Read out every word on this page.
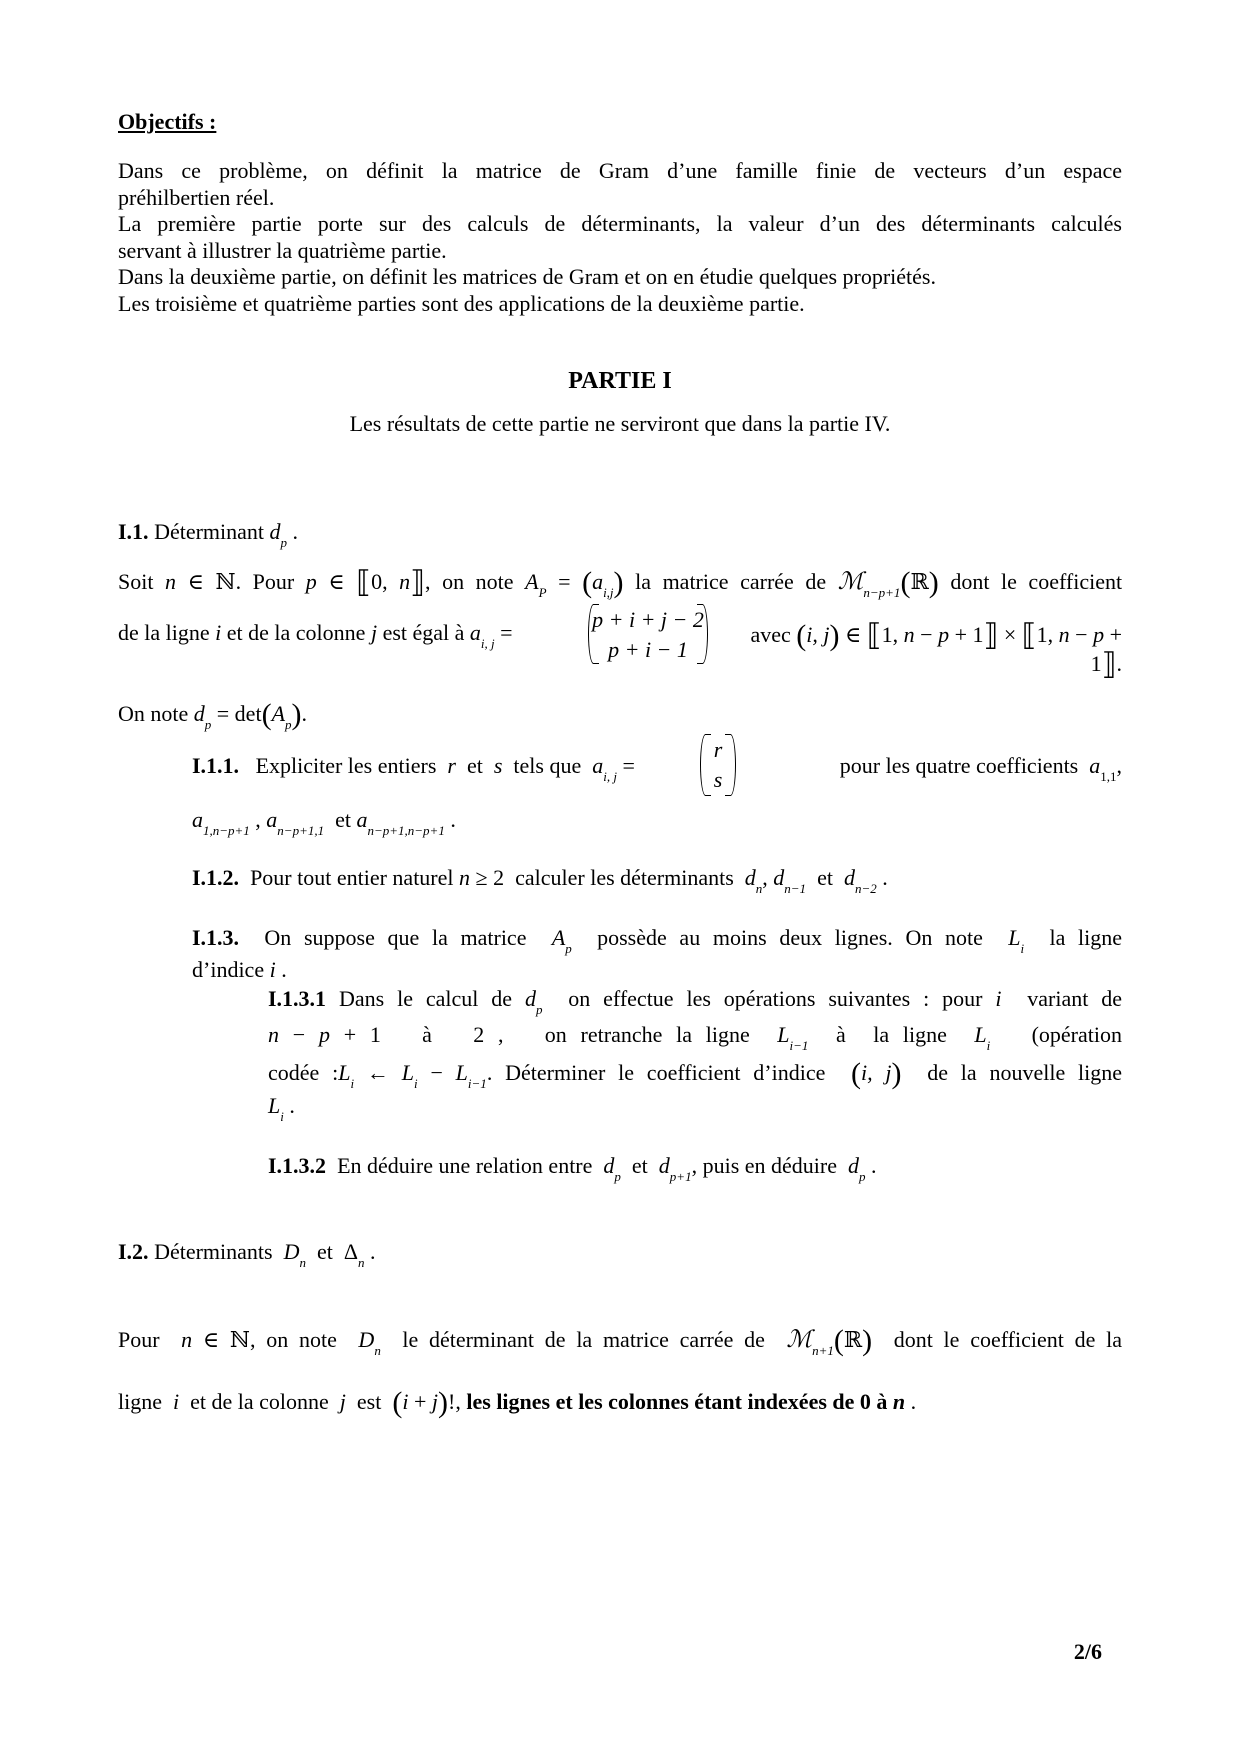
Objectifs :
Dans ce problème, on définit la matrice de Gram d’une famille finie de vecteurs d’un espace
préhilbertien réel.
La première partie porte sur des calculs de déterminants, la valeur d’un des déterminants calculés
servant à illustrer la quatrième partie.
Dans la deuxième partie, on définit les matrices de Gram et on en étudie quelques propriétés.
Les troisième et quatrième parties sont des applications de la deuxième partie.
PARTIE I
Les résultats de cette partie ne serviront que dans la partie IV.
I.1. Déterminant $d_p$ .
Soit n ∈ ℕ. Pour p ∈ ⟦0, n⟧, on note $A_P = (a_{i,j})$ la matrice carrée de ℳ$_{n-p+1}$(ℝ) dont le coefficient
de la ligne i et de la colonne j est égal à $a_{i, j}$ =
p + i + j − 2
p + i − 1
avec (i, j) ∈ ⟦1, n − p + 1⟧ × ⟦1, n − p + 1⟧.
On note $d_p = \det(A_p)$.
I.1.1. Expliciter les entiers r et s tels que $a_{i, j}$ =
r
s
pour les quatre coefficients $a_{1,1}$,
$a_{1,n-p+1}$ , $a_{n-p+1,1}$ et $a_{n-p+1,n-p+1}$ .
I.1.2. Pour tout entier naturel n ≥ 2  calculer les déterminants $d_n$, $d_{n-1}$ et $d_{n-2}$ .
I.1.3. On suppose que la matrice $A_p$ possède au moins deux lignes. On note $L_i$ la ligne
d’indice i .
I.1.3.1 Dans le calcul de $d_p$ on effectue les opérations suivantes : pour i variant de
n − p + 1   à   2 ,   on retranche la ligne $L_{i-1}$ à  la ligne  $L_i$ (opération
codée $:L_i$ ← $L_i - L_{i-1}$. Déterminer le coefficient d’indice (i, j) de la nouvelle ligne
$L_i$ .
I.1.3.2 En déduire une relation entre $d_p$ et $d_{p+1}$, puis en déduire $d_p$ .
I.2. Déterminants $D_n$ et  $\Delta_n$ .
Pour n ∈ ℕ, on note $D_n$ le déterminant de la matrice carrée de ℳ$_{n+1}$(ℝ) dont le coefficient de la
ligne i et de la colonne j est (i + j)!, les lignes et les colonnes étant indexées de 0 à n .
2/6
